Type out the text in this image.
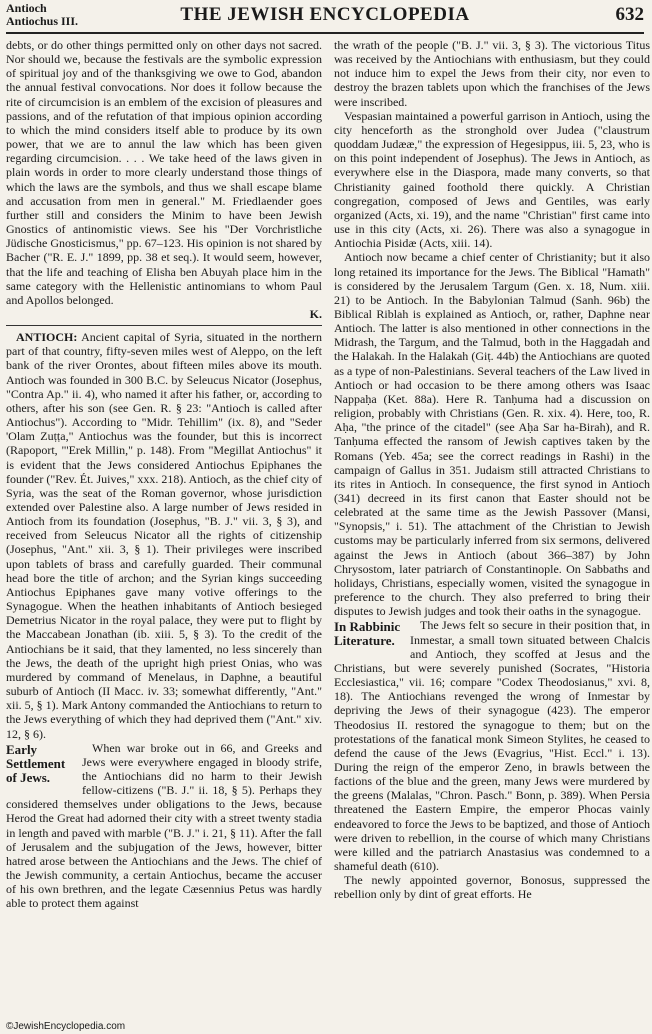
Antioch
Antiochus III.	THE JEWISH ENCYCLOPEDIA	632

debts, or do other things permitted only on other days not sacred. Nor should we, because the festivals are the symbolic expression of spiritual joy and of the thanksgiving we owe to God, abandon the annual festival convocations. Nor does it follow because the rite of circumcision is an emblem of the excision of pleasures and passions, and of the refutation of that impious opinion according to which the mind considers itself able to produce by its own power, that we are to annul the law which has been given regarding circumcision. . . . We take heed of the laws given in plain words in order to more clearly understand those things of which the laws are the symbols, and thus we shall escape blame and accusation from men in general." M. Friedlaender goes further still and considers the Minim to have been Jewish Gnostics of antinomistic views. See his "Der Vorchristliche Jüdische Gnosticismus," pp. 67–123. His opinion is not shared by Bacher ("R. E. J." 1899, pp. 38 et seq.). It would seem, however, that the life and teaching of Elisha ben Abuyah place him in the same category with the Hellenistic antinomians to whom Paul and Apollos belonged.

K.

ANTIOCH: Ancient capital of Syria, situated in the northern part of that country, fifty-seven miles west of Aleppo, on the left bank of the river Orontes, about fifteen miles above its mouth. Antioch was founded in 300 B.C. by Seleucus Nicator (Josephus, "Contra Ap." ii. 4), who named it after his father, or, according to others, after his son (see Gen. R. § 23: "Antioch is called after Antiochus"). According to "Midr. Tehillim" (ix. 8), and "Seder 'Olam Zuṭṭa," Antiochus was the founder, but this is incorrect (Rapoport, "'Erek Millin," p. 148). From "Megillat Antiochus" it is evident that the Jews considered Antiochus Epiphanes the founder ("Rev. Ét. Juives," xxx. 218). Antioch, as the chief city of Syria, was the seat of the Roman governor, whose jurisdiction extended over Palestine also. A large number of Jews resided in Antioch from its foundation (Josephus, "B. J." vii. 3, § 3), and received from Seleucus Nicator all the rights of citizenship (Josephus, "Ant." xii. 3, § 1). Their privileges were inscribed upon tablets of brass and carefully guarded. Their communal head bore the title of archon; and the Syrian kings succeeding Antiochus Epiphanes gave many votive offerings to the Synagogue. When the heathen inhabitants of Antioch besieged Demetrius Nicator in the royal palace, they were put to flight by the Maccabean Jonathan (ib. xiii. 5, § 3). To the credit of the Antiochians be it said, that they lamented, no less sincerely than the Jews, the death of the upright high priest Onias, who was murdered by command of Menelaus, in Daphne, a beautiful suburb of Antioch (II Macc. iv. 33; somewhat differently, "Ant." xii. 5, § 1). Mark Antony commanded the Antiochians to return to the Jews everything of which they had deprived them ("Ant." xiv. 12, § 6).

Early Settlement of Jews.

When war broke out in 66, and Greeks and Jews were everywhere engaged in bloody strife, the Antiochians did no harm to their Jewish fellow-citizens ("B. J." ii. 18, § 5). Perhaps they considered themselves under obligations to the Jews, because Herod the Great had adorned their city with a street twenty stadia in length and paved with marble ("B. J." i. 21, § 11). After the fall of Jerusalem and the subjugation of the Jews, however, bitter hatred arose between the Antiochians and the Jews. The chief of the Jewish community, a certain Antiochus, became the accuser of his own brethren, and the legate Cæsennius Petus was hardly able to protect them against

the wrath of the people ("B. J." vii. 3, § 3). The victorious Titus was received by the Antiochians with enthusiasm, but they could not induce him to expel the Jews from their city, nor even to destroy the brazen tablets upon which the franchises of the Jews were inscribed.

Vespasian maintained a powerful garrison in Antioch, using the city henceforth as the stronghold over Judea ("claustrum quoddam Judææ," the expression of Hegesippus, iii. 5, 23, who is on this point independent of Josephus). The Jews in Antioch, as everywhere else in the Diaspora, made many converts, so that Christianity gained foothold there quickly. A Christian congregation, composed of Jews and Gentiles, was early organized (Acts, xi. 19), and the name "Christian" first came into use in this city (Acts, xi. 26). There was also a synagogue in Antiochia Pisidæ (Acts, xiii. 14).

Antioch now became a chief center of Christianity; but it also long retained its importance for the Jews. The Biblical "Hamath" is considered by the Jerusalem Targum (Gen. x. 18, Num. xiii. 21) to be Antioch. In the Babylonian Talmud (Sanh. 96b) the Biblical Riblah is explained as Antioch, or, rather, Daphne near Antioch. The latter is also mentioned in other connections in the Midrash, the Targum, and the Talmud, both in the Haggadah and the Halakah. In the Halakah (Giṭ. 44b) the Antiochians are quoted as a type of non-Palestinians. Several teachers of the Law lived in Antioch or had occasion to be there among others was Isaac Nappaḥa (Ket. 88a). Here R. Tanḥuma had a discussion on religion, probably with Christians (Gen. R. xix. 4). Here, too, R. Aḥa, "the prince of the citadel" (see Aḥa Sar ha-Birah), and R. Tanḥuma effected the ransom of Jewish captives taken by the Romans (Yeb. 45a; see the correct readings in Rashi) in the campaign of Gallus in 351. Judaism still attracted Christians to its rites in Antioch. In consequence, the first synod in Antioch (341) decreed in its first canon that Easter should not be celebrated at the same time as the Jewish Passover (Mansi, "Synopsis," i. 51). The attachment of the Christian to Jewish customs may be particularly inferred from six sermons, delivered against the Jews in Antioch (about 366–387) by John Chrysostom, later patriarch of Constantinople. On Sabbaths and holidays, Christians, especially women, visited the synagogue in preference to the church. They also preferred to bring their disputes to Jewish judges and took their oaths in the synagogue.

In Rabbinic Literature.

The Jews felt so secure in their position that, in Inmestar, a small town situated between Chalcis and Antioch, they scoffed at Jesus and the Christians, but were severely punished (Socrates, "Historia Ecclesiastica," vii. 16; compare "Codex Theodosianus," xvi. 8, 18). The Antiochians revenged the wrong of Inmestar by depriving the Jews of their synagogue (423). The emperor Theodosius II. restored the synagogue to them; but on the protestations of the fanatical monk Simeon Stylites, he ceased to defend the cause of the Jews (Evagrius, "Hist. Eccl." i. 13). During the reign of the emperor Zeno, in brawls between the factions of the blue and the green, many Jews were murdered by the greens (Malalas, "Chron. Pasch." Bonn, p. 389). When Persia threatened the Eastern Empire, the emperor Phocas vainly endeavored to force the Jews to be baptized, and those of Antioch were driven to rebellion, in the course of which many Christians were killed and the patriarch Anastasius was condemned to a shameful death (610).

The newly appointed governor, Bonosus, suppressed the rebellion only by dint of great efforts. He

©JewishEncyclopedia.com
